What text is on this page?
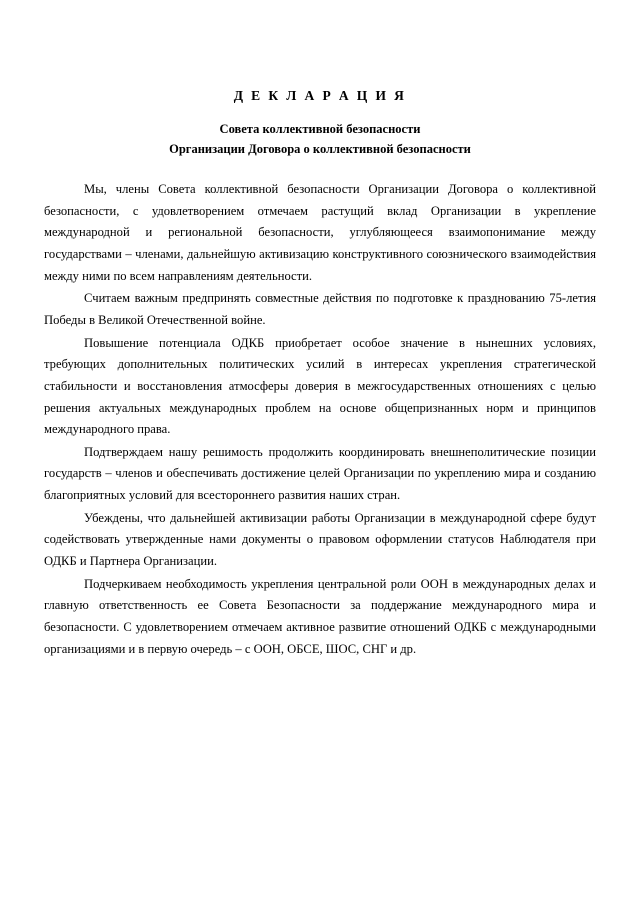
Д Е К Л А Р А Ц И Я
Совета коллективной безопасности
Организации Договора о коллективной безопасности

Мы, члены Совета коллективной безопасности Организации Договора о коллективной безопасности, с удовлетворением отмечаем растущий вклад Организации в укрепление международной и региональной безопасности, углубляющееся взаимопонимание между государствами – членами, дальнейшую активизацию конструктивного союзнического взаимодействия между ними по всем направлениям деятельности.

Считаем важным предпринять совместные действия по подготовке к празднованию 75-летия Победы в Великой Отечественной войне.

Повышение потенциала ОДКБ приобретает особое значение в нынешних условиях, требующих дополнительных политических усилий в интересах укрепления стратегической стабильности и восстановления атмосферы доверия в межгосударственных отношениях с целью решения актуальных международных проблем на основе общепризнанных норм и принципов международного права.

Подтверждаем нашу решимость продолжить координировать внешнеполитические позиции государств – членов и обеспечивать достижение целей Организации по укреплению мира и созданию благоприятных условий для всестороннего развития наших стран.

Убеждены, что дальнейшей активизации работы Организации в международной сфере будут содействовать утвержденные нами документы о правовом оформлении статусов Наблюдателя при ОДКБ и Партнера Организации.

Подчеркиваем необходимость укрепления центральной роли ООН в международных делах и главную ответственность ее Совета Безопасности за поддержание международного мира и безопасности. С удовлетворением отмечаем активное развитие отношений ОДКБ с международными организациями и в первую очередь – с ООН, ОБСЕ, ШОС, СНГ и др.
